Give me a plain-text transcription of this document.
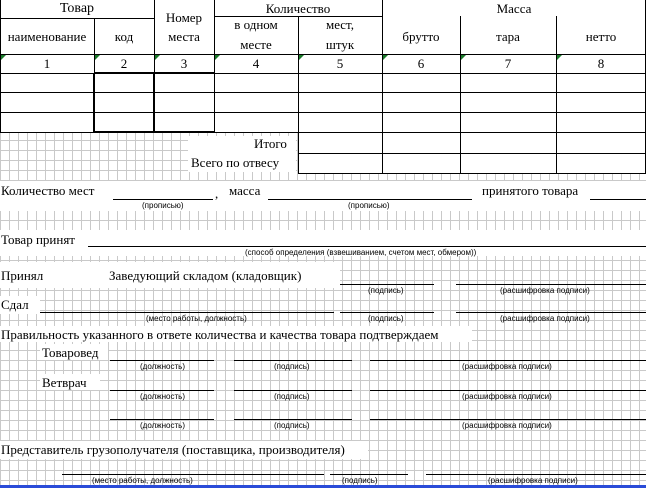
Товар
наименование	код
Номер
места
Количество
в одном
месте
мест,
штук
Масса
брутто	тара	нетто
1	2	3	4	5	6	7	8
Итого
Всего по отвесу
Количество мест	, масса	принятого товара
(прописью)	(прописью)
Товар принят
(способ определения (взвешиванием, счетом мест, обмером))
Принял	Заведующий складом (кладовщик)
(подпись)	(расшифровка подписи)
Сдал
(место работы, должность)	(подпись)	(расшифровка подписи)
Правильность указанного в ответе количества и качества товара подтверждаем
Товаровед
(должность)	(подпись)	(расшифровка подписи)
Ветврач
(должность)	(подпись)	(расшифровка подписи)
(должность)	(подпись)	(расшифровка подписи)
Представитель грузополучателя (поставщика, производителя)
(место работы, должность)	(подпись)	(расшифровка подписи)
